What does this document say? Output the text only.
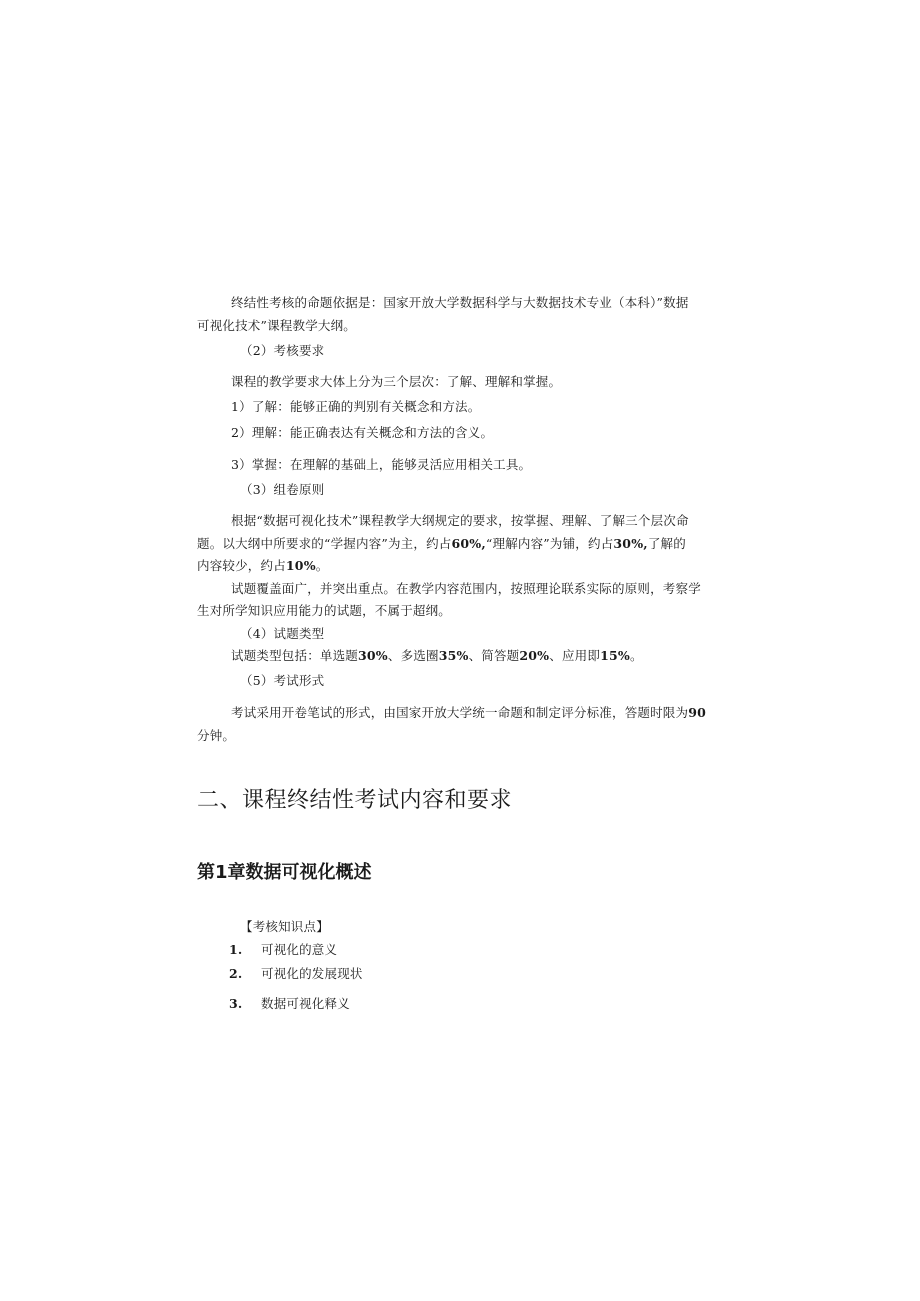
终结性考核的命题依据是：国家开放大学数据科学与大数据技术专业（本科）”数据
可视化技术”课程教学大纲。
（2）考核要求
课程的教学要求大体上分为三个层次：了解、理解和掌握。
1）了解：能够正确的判别有关概念和方法。
2）理解：能正确表达有关概念和方法的含义。
3）掌握：在理解的基础上，能够灵活应用相关工具。
（3）组卷原则
根据“数据可视化技术”课程教学大纲规定的要求，按掌握、理解、了解三个层次命
题。以大纲中所要求的“学握内容”为主，约占60%,“理解内容”为铺，约占30%,了解的
内容较少，约占10%。
试题覆盖面广，并突出重点。在教学内容范围内，按照理论联系实际的原则，考察学
生对所学知识应用能力的试题，不属于超纲。
（4）试题类型
试题类型包括：单选题30%、多选圈35%、简答题20%、应用即15%。
（5）考试形式
考试采用开卷笔试的形式，由国家开放大学统一命题和制定评分标准，答题时限为90
分钟。
二、课程终结性考试内容和要求
第1章数据可视化概述
【考核知识点】
1. 可视化的意义
2. 可视化的发展现状
3. 数据可视化释义
